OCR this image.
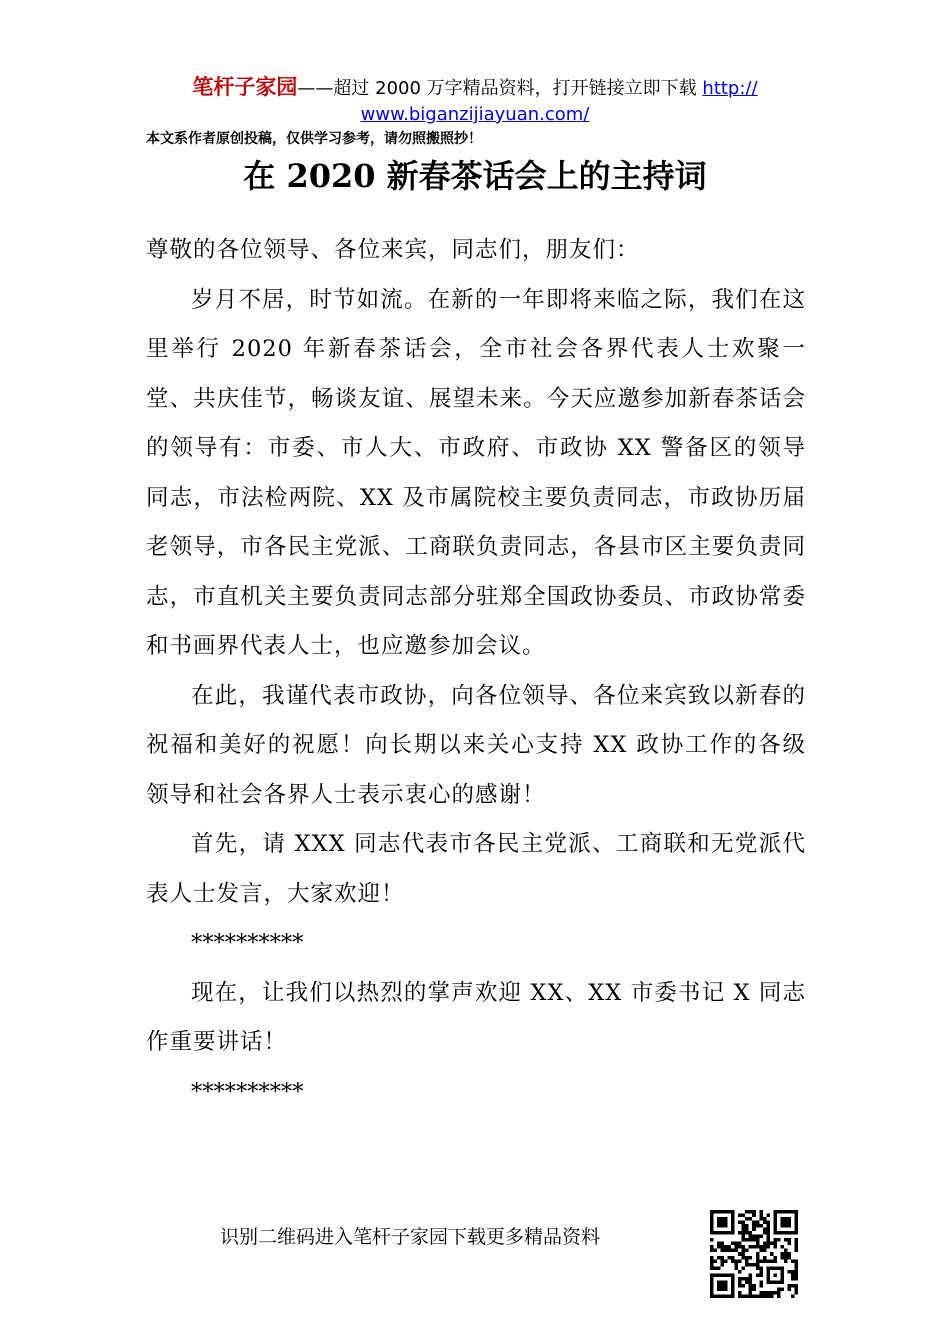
笔杆子家园——超过 2000 万字精品资料，打开链接立即下载 http://
www.biganzijiayuan.com/
本文系作者原创投稿，仅供学习参考，请勿照搬照抄！
在 2020 新春茶话会上的主持词

尊敬的各位领导、各位来宾，同志们，朋友们：

岁月不居，时节如流。在新的一年即将来临之际，我们在这里举行 2020 年新春茶话会，全市社会各界代表人士欢聚一堂、共庆佳节，畅谈友谊、展望未来。今天应邀参加新春茶话会的领导有：市委、市人大、市政府、市政协 XX 警备区的领导同志，市法检两院、XX 及市属院校主要负责同志，市政协历届老领导，市各民主党派、工商联负责同志，各县市区主要负责同志，市直机关主要负责同志部分驻郑全国政协委员、市政协常委和书画界代表人士，也应邀参加会议。

在此，我谨代表市政协，向各位领导、各位来宾致以新春的祝福和美好的祝愿！向长期以来关心支持 XX 政协工作的各级领导和社会各界人士表示衷心的感谢！

首先，请 XXX 同志代表市各民主党派、工商联和无党派代表人士发言，大家欢迎！

**********

现在，让我们以热烈的掌声欢迎 XX、XX 市委书记 X 同志作重要讲话！

**********

识别二维码进入笔杆子家园下载更多精品资料
